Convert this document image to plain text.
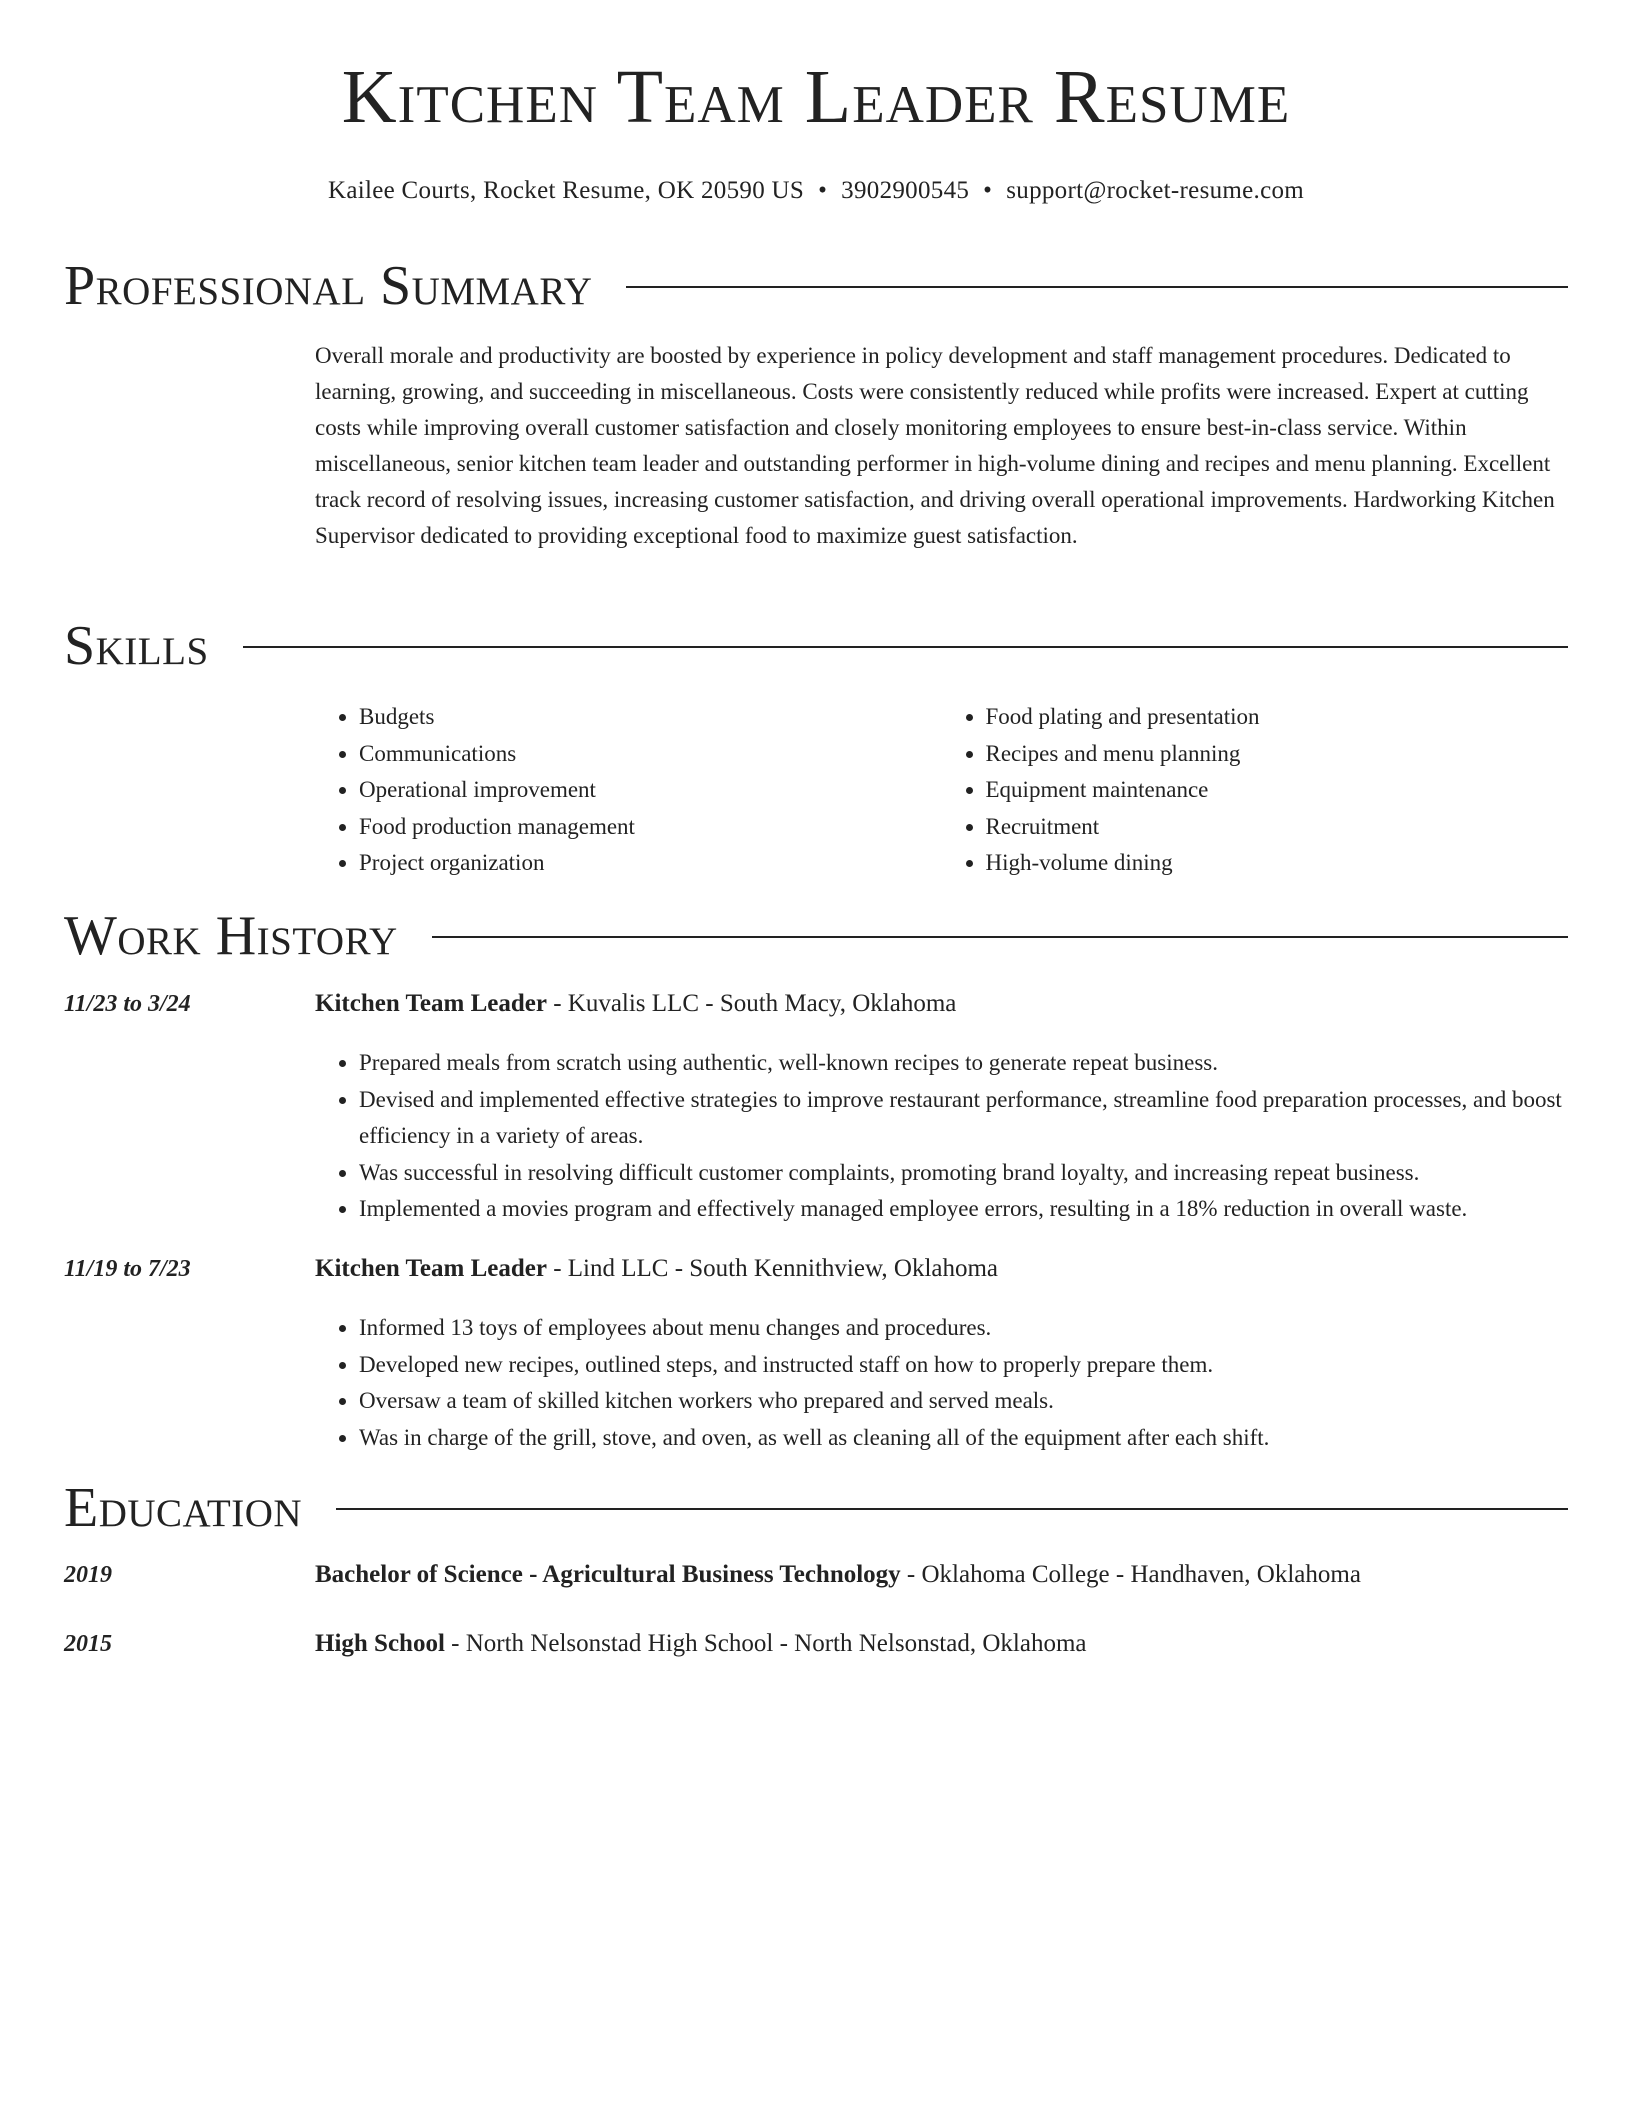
Kitchen Team Leader Resume
Kailee Courts, Rocket Resume, OK 20590 US • 3902900545 • support@rocket-resume.com
Professional Summary

Overall morale and productivity are boosted by experience in policy development and staff management procedures. Dedicated to learning, growing, and succeeding in miscellaneous. Costs were consistently reduced while profits were increased. Expert at cutting costs while improving overall customer satisfaction and closely monitoring employees to ensure best-in-class service. Within miscellaneous, senior kitchen team leader and outstanding performer in high-volume dining and recipes and menu planning. Excellent track record of resolving issues, increasing customer satisfaction, and driving overall operational improvements. Hardworking Kitchen Supervisor dedicated to providing exceptional food to maximize guest satisfaction.

Skills
• Budgets
• Communications
• Operational improvement
• Food production management
• Project organization
• Food plating and presentation
• Recipes and menu planning
• Equipment maintenance
• Recruitment
• High-volume dining
Work History
11/23 to 3/24	Kitchen Team Leader - Kuvalis LLC - South Macy, Oklahoma
• Prepared meals from scratch using authentic, well-known recipes to generate repeat business.
• Devised and implemented effective strategies to improve restaurant performance, streamline food preparation processes, and boost efficiency in a variety of areas.
• Was successful in resolving difficult customer complaints, promoting brand loyalty, and increasing repeat business.
• Implemented a movies program and effectively managed employee errors, resulting in a 18% reduction in overall waste.
11/19 to 7/23	Kitchen Team Leader - Lind LLC - South Kennithview, Oklahoma
• Informed 13 toys of employees about menu changes and procedures.
• Developed new recipes, outlined steps, and instructed staff on how to properly prepare them.
• Oversaw a team of skilled kitchen workers who prepared and served meals.
• Was in charge of the grill, stove, and oven, as well as cleaning all of the equipment after each shift.
Education
2019	Bachelor of Science - Agricultural Business Technology - Oklahoma College - Handhaven, Oklahoma
2015	High School - North Nelsonstad High School - North Nelsonstad, Oklahoma
